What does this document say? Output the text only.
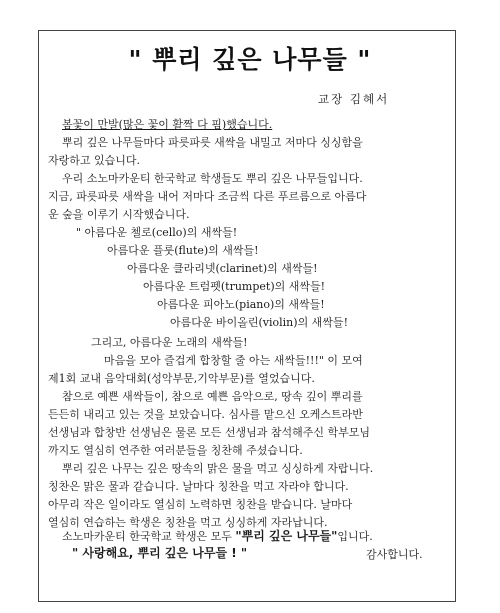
" 뿌리 깊은 나무들 "
교장 김혜서
봄꽃이 만발(많은 꽃이 활짝 다 핌)했습니다.
뿌리 깊은 나무들마다 파릇파릇 새싹을 내밀고 저마다 싱싱함을
자랑하고 있습니다.
우리 소노마카운티 한국학교 학생들도 뿌리 깊은 나무들입니다.
지금, 파릇파릇 새싹을 내어 저마다 조금씩 다른 푸르름으로 아름다
운 숲을 이루기 시작했습니다.
" 아름다운 첼로(cello)의 새싹들!
아름다운 플룻(flute)의 새싹들!
아름다운 클라리넷(clarinet)의 새싹들!
아름다운 트럼펫(trumpet)의 새싹들!
아름다운 피아노(piano)의 새싹들!
아름다운 바이올린(violin)의 새싹들!
그리고, 아름다운 노래의 새싹들!
마음을 모아 즐겁게 합창할 줄 아는 새싹들!!!" 이 모여
제1회 교내 음악대회(성악부문,기악부문)를 열었습니다.
참으로 예쁜 새싹들이, 참으로 예쁜 음악으로, 땅속 깊이 뿌리를
든든히 내리고 있는 것을 보았습니다. 심사를 맡으신 오케스트라반
선생님과 합창반 선생님은 물론 모든 선생님과 참석해주신 학부모님
까지도 열심히 연주한 여러분들을 칭찬해 주셨습니다.
뿌리 깊은 나무는 깊은 땅속의 맑은 물을 먹고 싱싱하게 자랍니다.
칭찬은 맑은 물과 같습니다. 날마다 칭찬을 먹고 자라야 합니다.
아무리 작은 일이라도 열심히 노력하면 칭찬을 받습니다. 날마다
열심히 연습하는 학생은 칭찬을 먹고 싱싱하게 자라납니다.
소노마카운티 한국학교 학생은 모두 "뿌리 깊은 나무들"입니다.
" 사랑해요, 뿌리 깊은 나무들 ! "	감사합니다.
